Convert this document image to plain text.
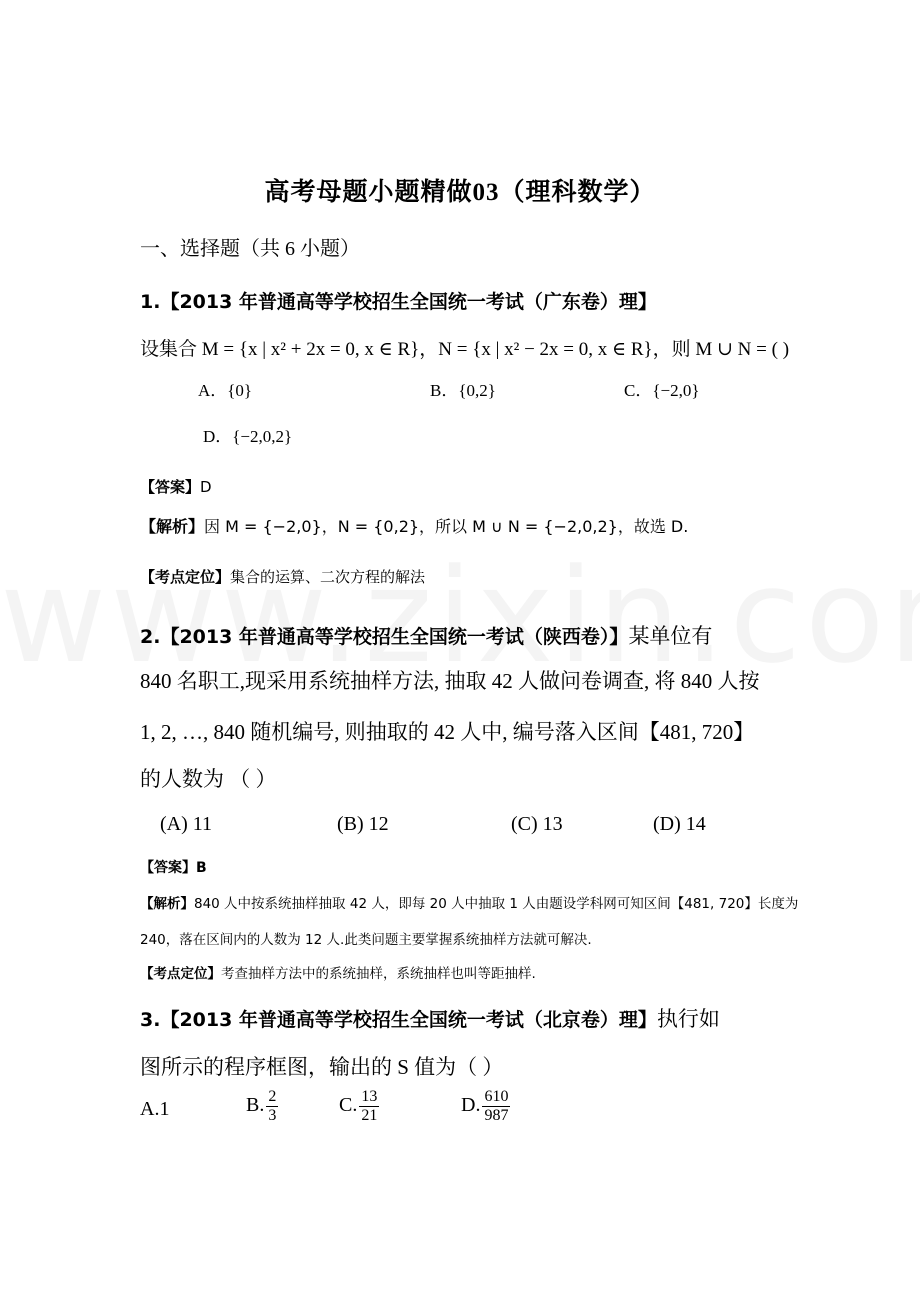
高考母题小题精做03（理科数学）
一、选择题（共 6 小题）
1.【2013 年普通高等学校招生全国统一考试（广东卷）理】
设集合 M = {x | x² + 2x = 0, x ∈ R}，N = {x | x² − 2x = 0, x ∈ R}，则 M ∪ N = ( )
A．{0}	B．{0,2}	C．{−2,0}
D．{−2,0,2}
【答案】D
【解析】因 M = {−2,0}，N = {0,2}，所以 M ∪ N = {−2,0,2}，故选 D.
【考点定位】集合的运算、二次方程的解法
2.【2013 年普通高等学校招生全国统一考试（陕西卷）】某单位有
840 名职工,现采用系统抽样方法, 抽取 42 人做问卷调查, 将 840 人按
1, 2, …, 840 随机编号, 则抽取的 42 人中, 编号落入区间【481, 720】
的人数为 （ ）
(A) 11	(B) 12	(C) 13	(D) 14
【答案】B
【解析】840 人中按系统抽样抽取 42 人，即每 20 人中抽取 1 人由题设学科网可知区间【481, 720】长度为
240，落在区间内的人数为 12 人.此类问题主要掌握系统抽样方法就可解决.
【考点定位】考查抽样方法中的系统抽样，系统抽样也叫等距抽样.
3.【2013 年普通高等学校招生全国统一考试（北京卷）理】执行如
图所示的程序框图，输出的 S 值为（ ）
A.1	B. $\frac{2}{3}$	C. $\frac{13}{21}$	D. $\frac{610}{987}$
